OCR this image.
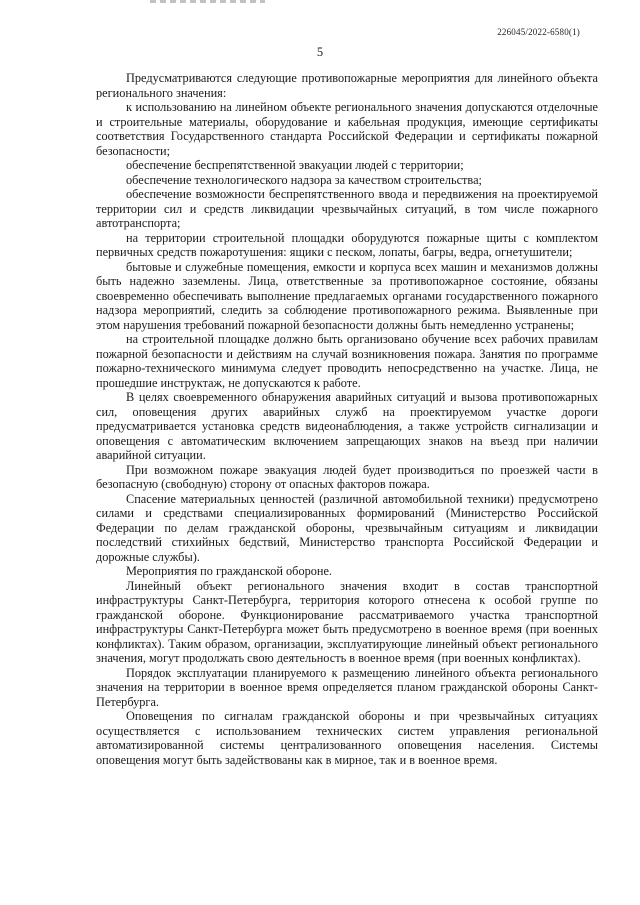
226045/2022-6580(1)
5

Предусматриваются следующие противопожарные мероприятия для линейного объекта регионального значения:

к использованию на линейном объекте регионального значения допускаются отделочные и строительные материалы, оборудование и кабельная продукция, имеющие сертификаты соответствия Государственного стандарта Российской Федерации и сертификаты пожарной безопасности;

обеспечение беспрепятственной эвакуации людей с территории;

обеспечение технологического надзора за качеством строительства;

обеспечение возможности беспрепятственного ввода и передвижения на проектируемой территории сил и средств ликвидации чрезвычайных ситуаций, в том числе пожарного автотранспорта;

на территории строительной площадки оборудуются пожарные щиты с комплектом первичных средств пожаротушения: ящики с песком, лопаты, багры, ведра, огнетушители;

бытовые и служебные помещения, емкости и корпуса всех машин и механизмов должны быть надежно заземлены. Лица, ответственные за противопожарное состояние, обязаны своевременно обеспечивать выполнение предлагаемых органами государственного пожарного надзора мероприятий, следить за соблюдение противопожарного режима. Выявленные при этом нарушения требований пожарной безопасности должны быть немедленно устранены;

на строительной площадке должно быть организовано обучение всех рабочих правилам пожарной безопасности и действиям на случай возникновения пожара. Занятия по программе пожарно-технического минимума следует проводить непосредственно на участке. Лица, не прошедшие инструктаж, не допускаются к работе.

В целях своевременного обнаружения аварийных ситуаций и вызова противопожарных сил, оповещения других аварийных служб на проектируемом участке дороги предусматривается установка средств видеонаблюдения, а также устройств сигнализации и оповещения с автоматическим включением запрещающих знаков на въезд при наличии аварийной ситуации.

При возможном пожаре эвакуация людей будет производиться по проезжей части в безопасную (свободную) сторону от опасных факторов пожара.

Спасение материальных ценностей (различной автомобильной техники) предусмотрено силами и средствами специализированных формирований (Министерство Российской Федерации по делам гражданской обороны, чрезвычайным ситуациям и ликвидации последствий стихийных бедствий, Министерство транспорта Российской Федерации и дорожные службы).

Мероприятия по гражданской обороне.

Линейный объект регионального значения входит в состав транспортной инфраструктуры Санкт-Петербурга, территория которого отнесена к особой группе по гражданской обороне. Функционирование рассматриваемого участка транспортной инфраструктуры Санкт-Петербурга может быть предусмотрено в военное время (при военных конфликтах). Таким образом, организации, эксплуатирующие линейный объект регионального значения, могут продолжать свою деятельность в военное время (при военных конфликтах).

Порядок эксплуатации планируемого к размещению линейного объекта регионального значения на территории в военное время определяется планом гражданской обороны Санкт-Петербурга.

Оповещения по сигналам гражданской обороны и при чрезвычайных ситуациях осуществляется с использованием технических систем управления региональной автоматизированной системы централизованного оповещения населения. Системы оповещения могут быть задействованы как в мирное, так и в военное время.
